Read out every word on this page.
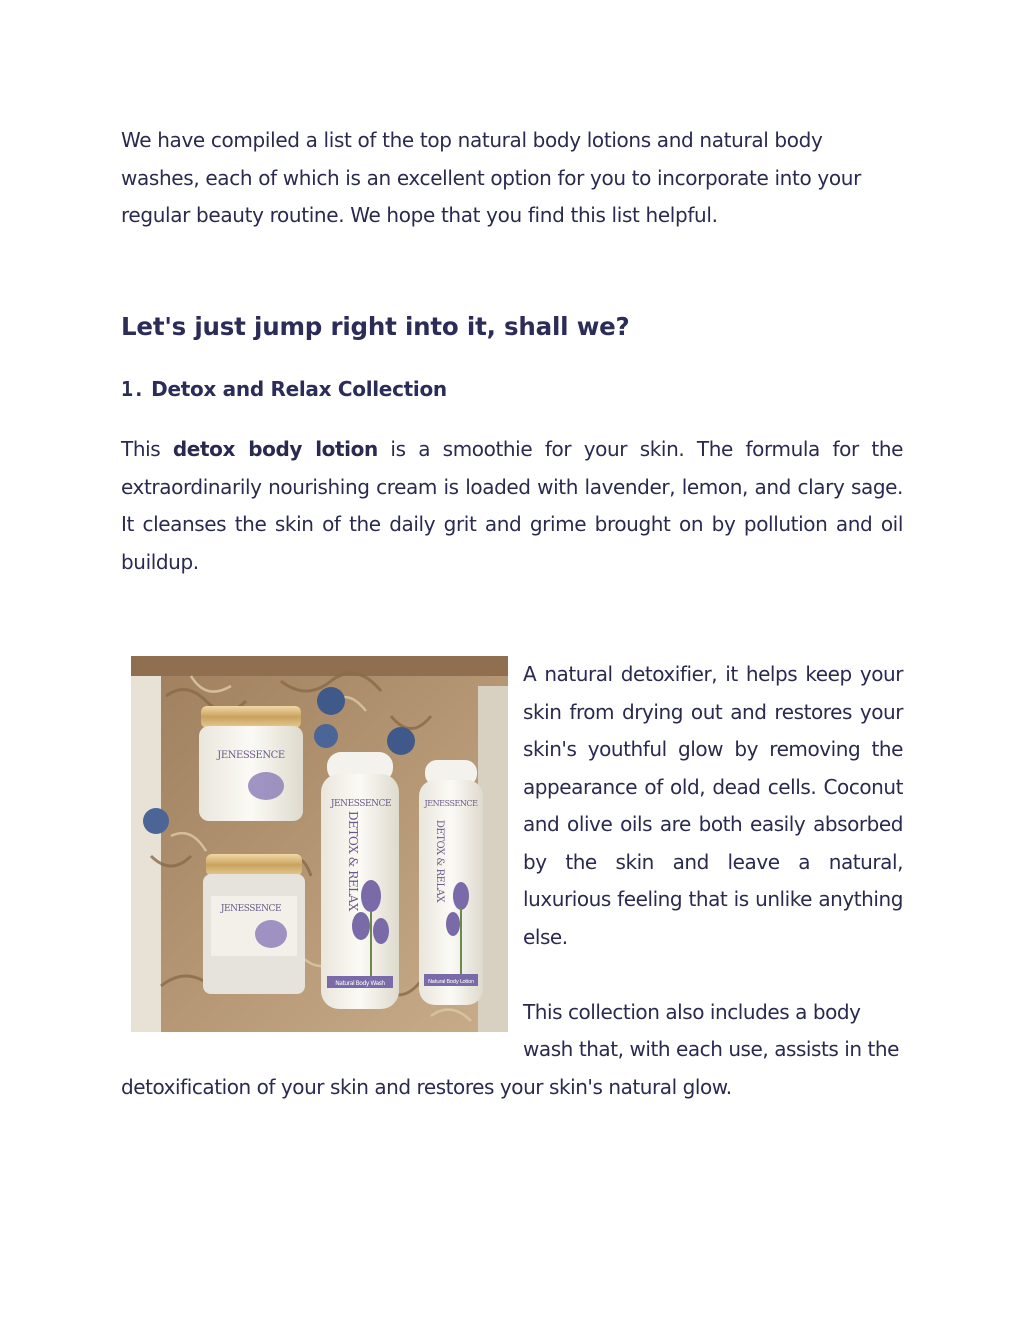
We have compiled a list of the top natural body lotions and natural body washes, each of which is an excellent option for you to incorporate into your regular beauty routine. We hope that you find this list helpful.

Let's just jump right into it, shall we?
1. Detox and Relax Collection

This detox body lotion is a smoothie for your skin. The formula for the extraordinarily nourishing cream is loaded with lavender, lemon, and clary sage. It cleanses the skin of the daily grit and grime brought on by pollution and oil buildup.

JENESSENCE
JENESSENCE
JENESSENCE
DETOX & RELAX
Natural Body Wash
JENESSENCE
DETOX & RELAX
Natural Body Lotion

A natural detoxifier, it helps keep your skin from drying out and restores your skin's youthful glow by removing the appearance of old, dead cells. Coconut and olive oils are both easily absorbed by the skin and leave a natural, luxurious feeling that is unlike anything else.

This collection also includes a body wash that, with each use, assists in the detoxification of your skin and restores your skin's natural glow.
